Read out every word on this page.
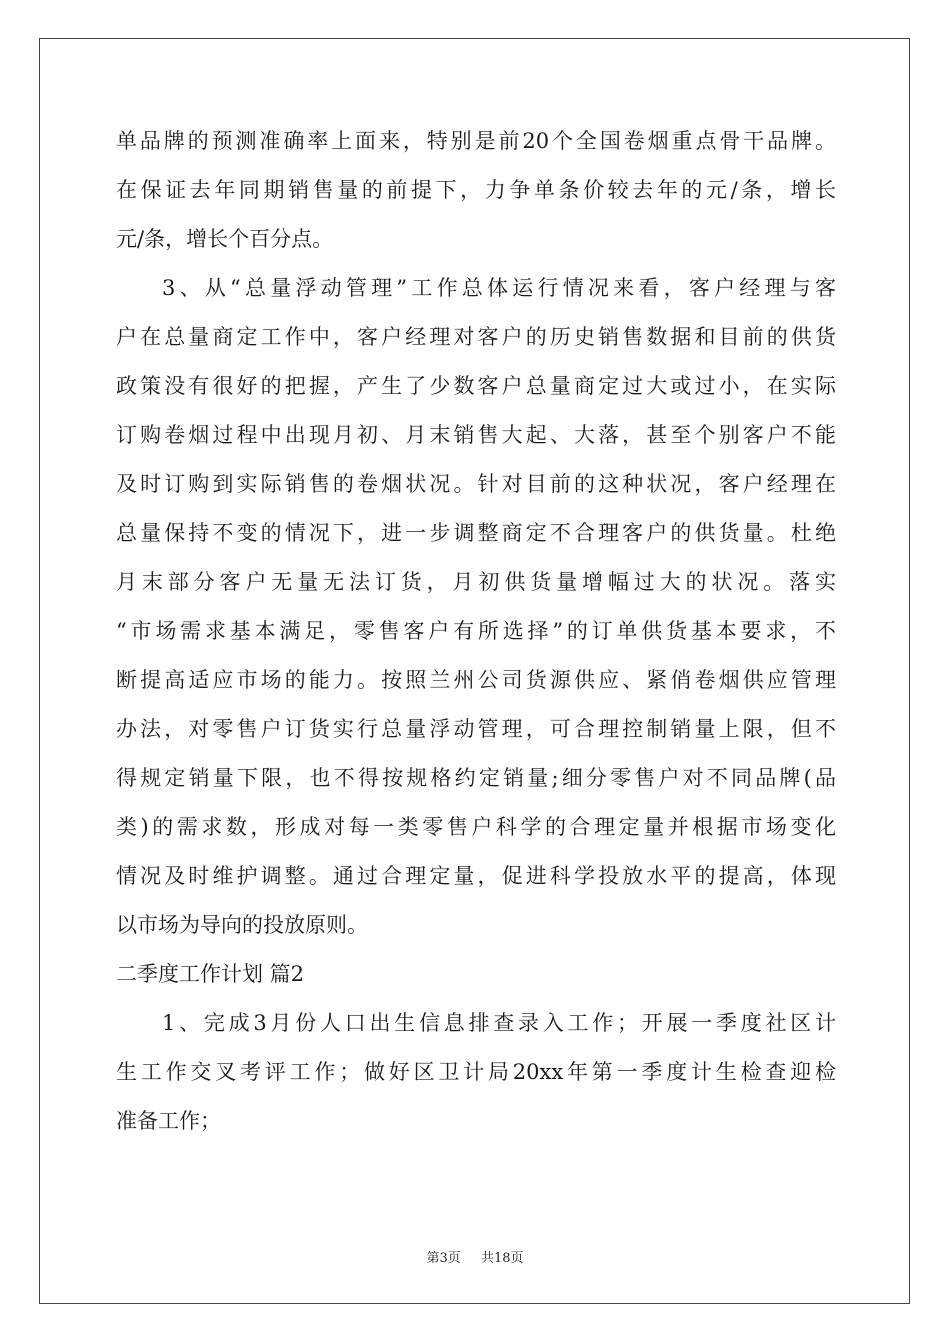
单品牌的预测准确率上面来，特别是前20个全国卷烟重点骨干品牌。
在保证去年同期销售量的前提下，力争单条价较去年的元/条，增长
元/条，增长个百分点。
3、从“总量浮动管理”工作总体运行情况来看，客户经理与客
户在总量商定工作中，客户经理对客户的历史销售数据和目前的供货
政策没有很好的把握，产生了少数客户总量商定过大或过小，在实际
订购卷烟过程中出现月初、月末销售大起、大落，甚至个别客户不能
及时订购到实际销售的卷烟状况。针对目前的这种状况，客户经理在
总量保持不变的情况下，进一步调整商定不合理客户的供货量。杜绝
月末部分客户无量无法订货，月初供货量增幅过大的状况。落实
“市场需求基本满足，零售客户有所选择”的订单供货基本要求，不
断提高适应市场的能力。按照兰州公司货源供应、紧俏卷烟供应管理
办法，对零售户订货实行总量浮动管理，可合理控制销量上限，但不
得规定销量下限，也不得按规格约定销量;细分零售户对不同品牌(品
类)的需求数，形成对每一类零售户科学的合理定量并根据市场变化
情况及时维护调整。通过合理定量，促进科学投放水平的提高，体现
以市场为导向的投放原则。
二季度工作计划 篇2
1、完成3月份人口出生信息排查录入工作；开展一季度社区计
生工作交叉考评工作；做好区卫计局20xx年第一季度计生检查迎检
准备工作；
第3页 共18页
